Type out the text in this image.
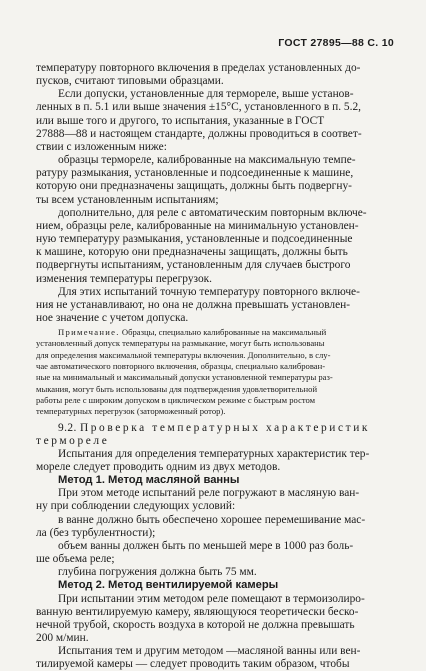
ГОСТ 27895—88 С. 10

температуру повторного включения в пределах установленных до-
пусков, считают типовыми образцами.

Если допуски, установленные для термореле, выше установ-
ленных в п. 5.1 или выше значения ±15°С, установленного в п. 5.2,
или выше того и другого, то испытания, указанные в ГОСТ
27888—88 и настоящем стандарте, должны проводиться в соответ-
ствии с изложенным ниже:

образцы термореле, калиброванные на максимальную темпе-
ратуру размыкания, установленные и подсоединенные к машине,
которую они предназначены защищать, должны быть подвергну-
ты всем установленным испытаниям;

дополнительно, для реле с автоматическим повторным включе-
нием, образцы реле, калиброванные на минимальную установлен-
ную температуру размыкания, установленные и подсоединенные
к машине, которую они предназначены защищать, должны быть
подвергнуты испытаниям, установленным для случаев быстрого
изменения температуры перегрузок.

Для этих испытаний точную температуру повторного включе-
ния не устанавливают, но она не должна превышать установлен-
ное значение с учетом допуска.

Примечание. Образцы, специально калиброванные на максимальный
установленный допуск температуры на размыкание, могут быть использованы
для определения максимальной температуры включения. Дополнительно, в слу-
чае автоматического повторного включения, образцы, специально калиброван-
ные на минимальный и максимальный допуски установленной температуры раз-
мыкания, могут быть использованы для подтверждения удовлетворительной
работы реле с широким допуском в циклическом режиме с быстрым ростом
температурных перегрузок (заторможенный ротор).

9.2. Проверка температурных характеристик

термореле

Испытания для определения температурных характеристик тер-
мореле следует проводить одним из двух методов.

Метод 1. Метод масляной ванны

При этом методе испытаний реле погружают в масляную ван-
ну при соблюдении следующих условий:

в ванне должно быть обеспечено хорошее перемешивание мас-
ла (без турбулентности);

объем ванны должен быть по меньшей мере в 1000 раз боль-
ше объема реле;

глубина погружения должна быть 75 мм.

Метод 2. Метод вентилируемой камеры

При испытании этим методом реле помещают в термоизолиро-
ванную вентилируемую камеру, являющуюся теоретически беско-
нечной трубой, скорость воздуха в которой не должна превышать
200 м/мин.

Испытания тем и другим методом —масляной ванны или вен-
тилируемой камеры — следует проводить таким образом, чтобы
